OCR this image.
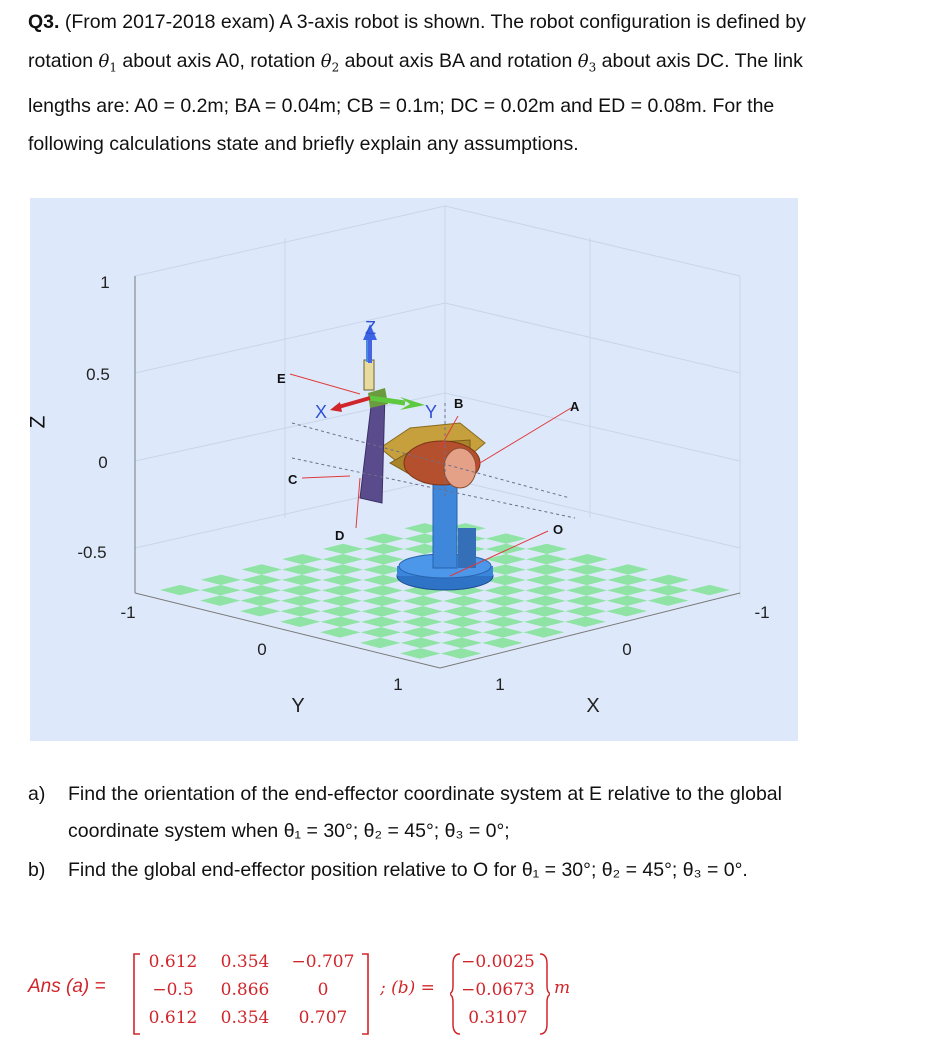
Q3. (From 2017-2018 exam) A 3-axis robot is shown. The robot configuration is defined by
rotation $\theta_1$ about axis A0, rotation $\theta_2$ about axis BA and rotation $\theta_3$ about axis DC. The link
lengths are: A0 = 0.2m; BA = 0.04m; CB = 0.1m; DC = 0.02m and ED = 0.08m. For the
following calculations state and briefly explain any assumptions.
1
0.5
0
-0.5
-1
0
1	1
0
-1
Y	X
E
C
D
B	A
O
Z
X	Y
Z
a) Find the orientation of the end-effector coordinate system at E relative to the global
coordinate system when θ₁ = 30°; θ₂ = 45°; θ₃ = 0°;
b) Find the global end-effector position relative to O for θ₁ = 30°; θ₂ = 45°; θ₃ = 0°.
Ans (a) =
0.612	0.354	−0.707
−0.5	0.866	0
0.612	0.354	0.707
; (b) =
−0.0025
−0.0673
0.3107
m
